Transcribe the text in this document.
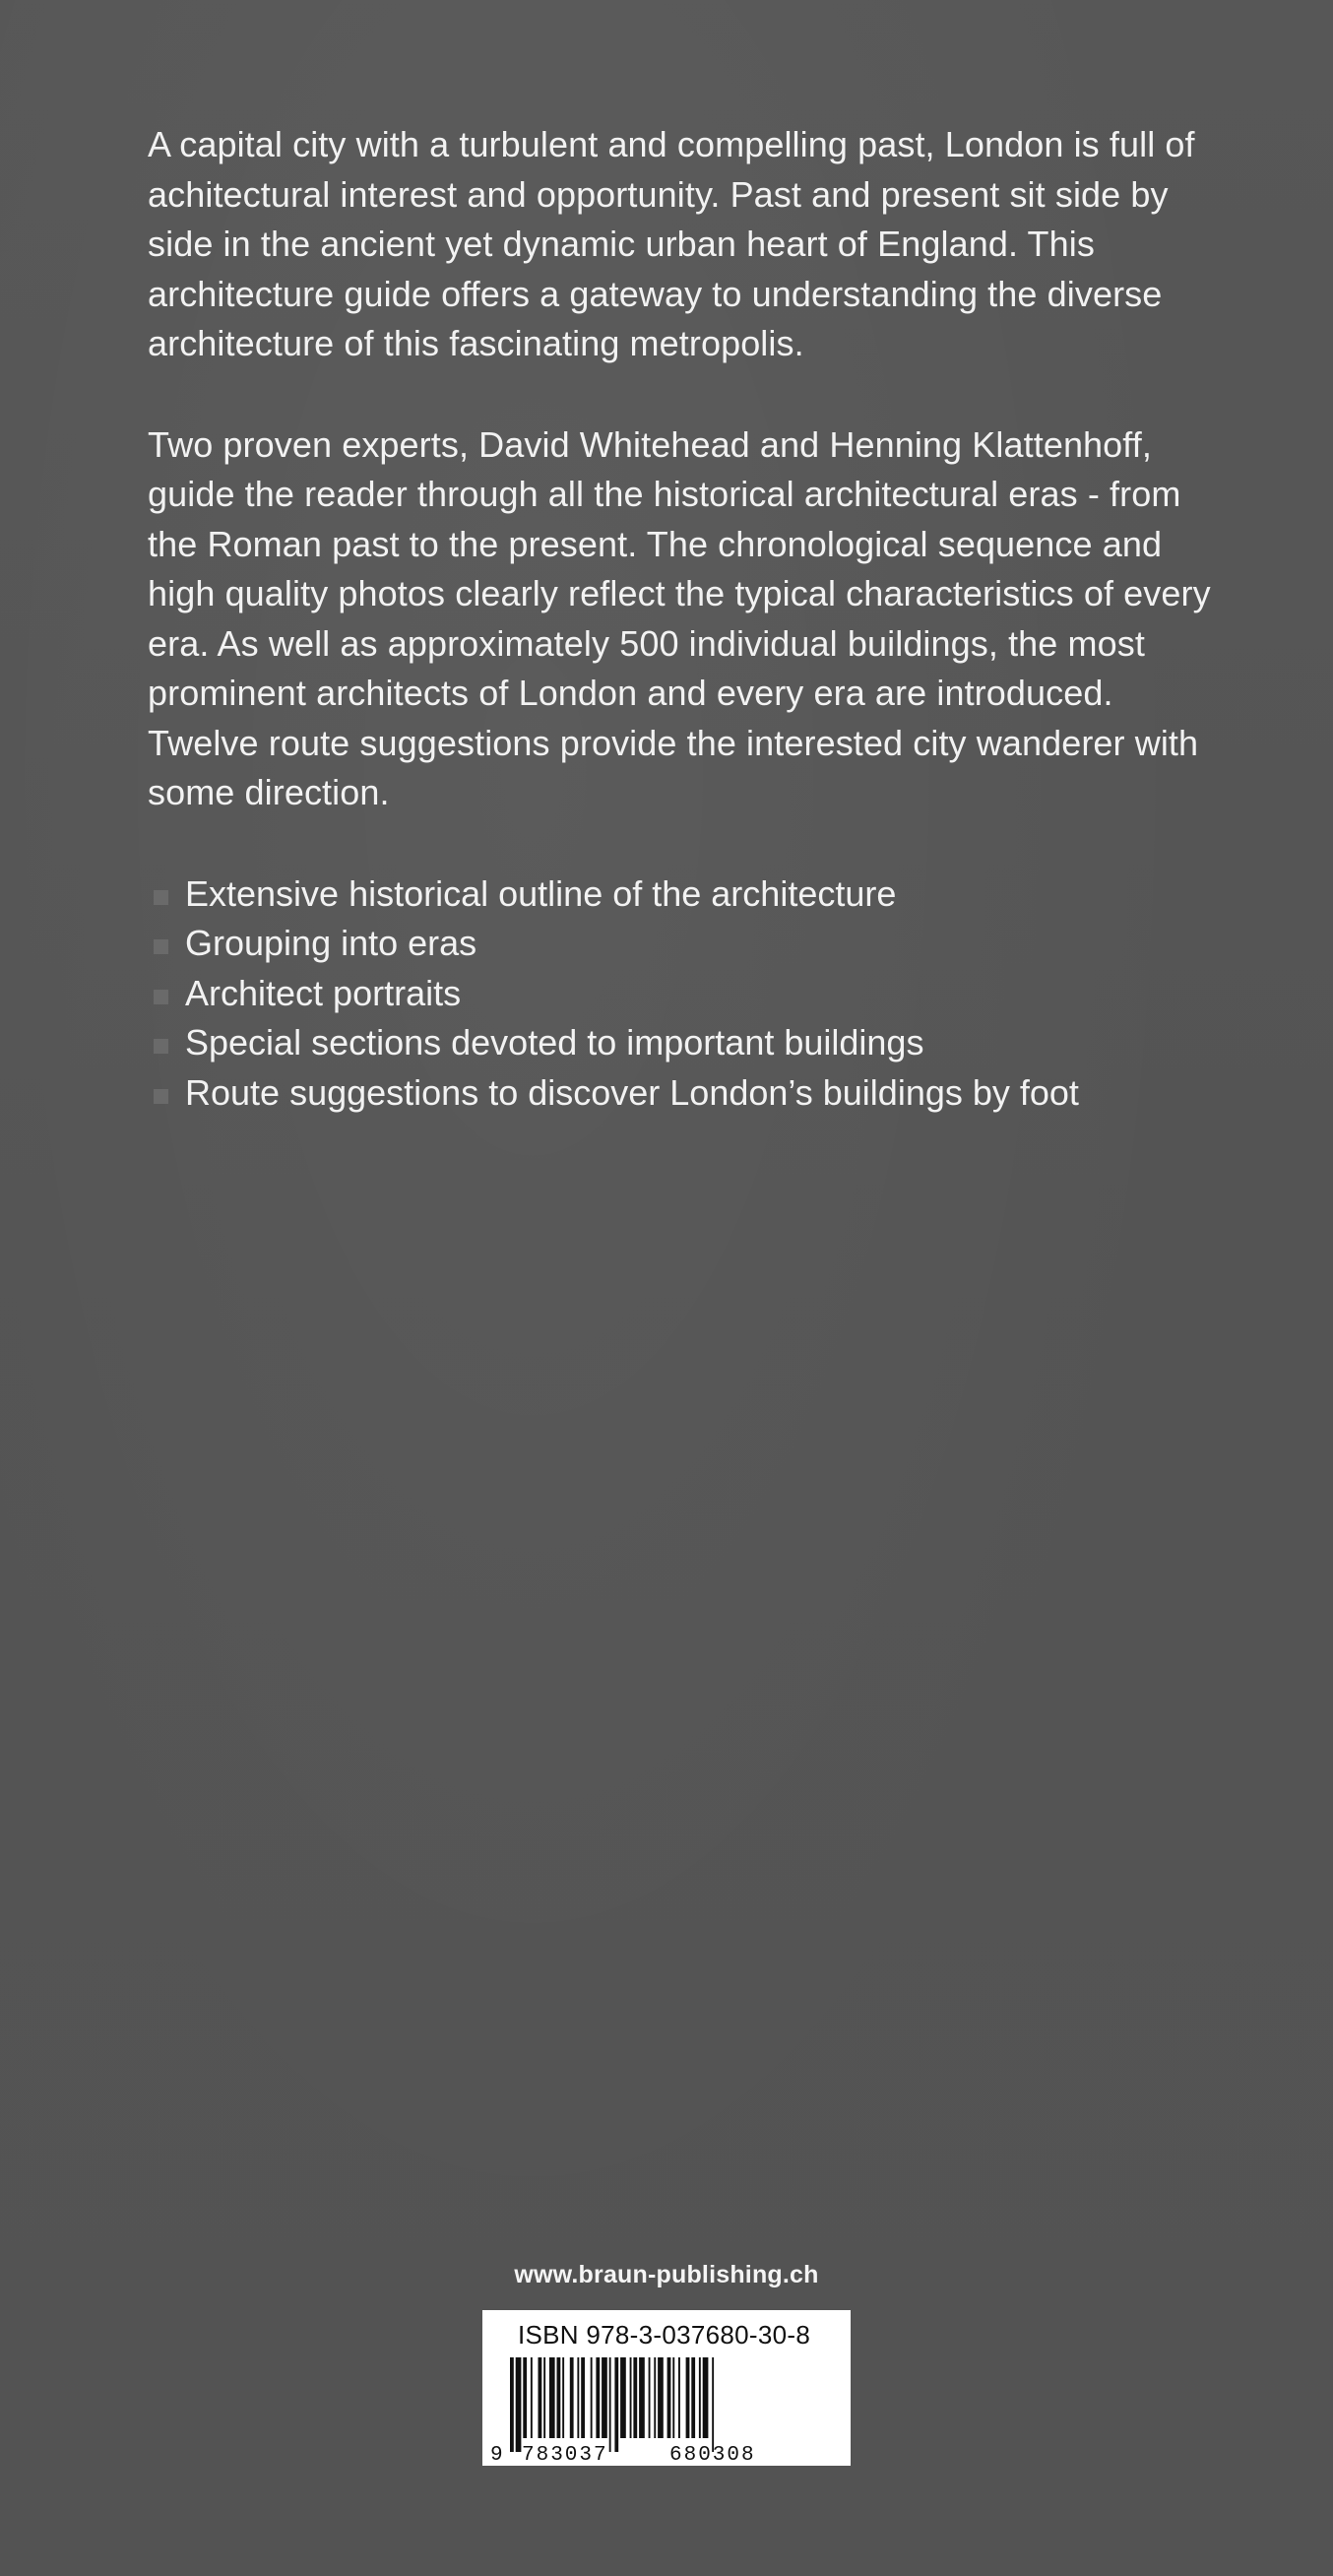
A capital city with a turbulent and compelling past, London is full of achitectural interest and opportunity. Past and present sit side by side in the ancient yet dynamic urban heart of England. This architecture guide offers a gateway to understanding the diverse architecture of this fascinating metropolis.

Two proven experts, David Whitehead and Henning Klattenhoff, guide the reader through all the historical architectural eras - from the Roman past to the present. The chronological sequence and high quality photos clearly reflect the typical characteristics of every era. As well as approximately 500 individual buildings, the most prominent architects of London and every era are introduced. Twelve route suggestions provide the interested city wanderer with some direction.

Extensive historical outline of the architecture
Grouping into eras
Architect portraits
Special sections devoted to important buildings
Route suggestions to discover London’s buildings by foot
www.braun-publishing.ch
ISBN 978-3-037680-30-8
9 783037	680308
